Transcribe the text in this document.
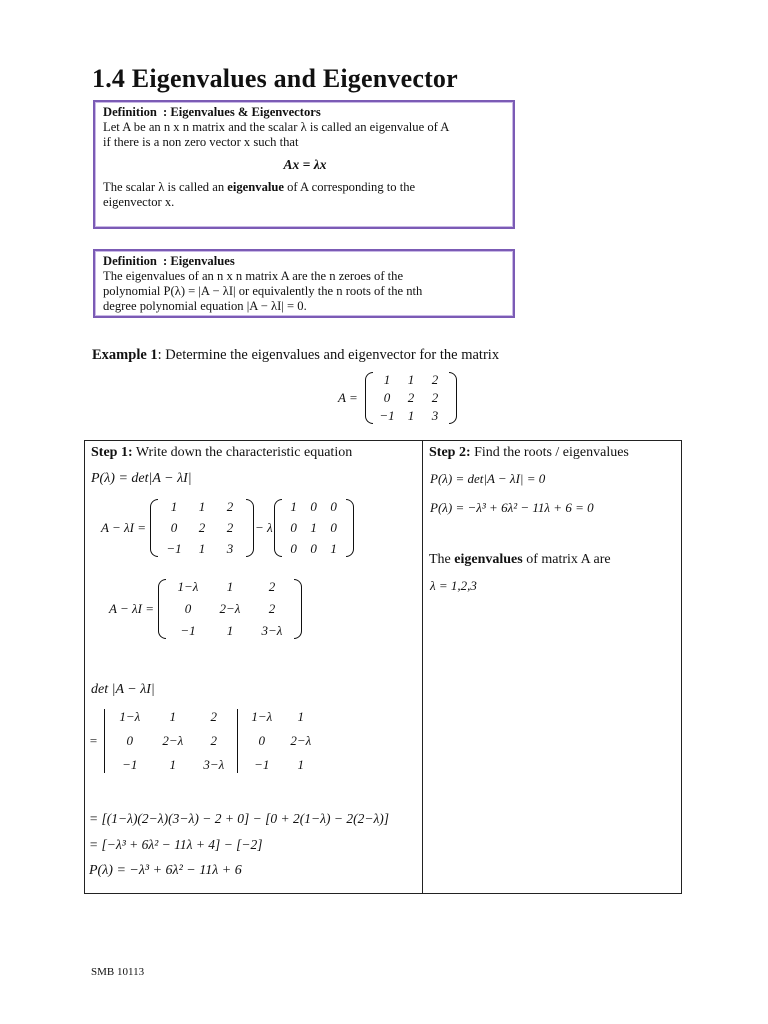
1.4 Eigenvalues and Eigenvector
Definition : Eigenvalues & Eigenvectors
Let A be an n x n matrix and the scalar λ is called an eigenvalue of A
if there is a non zero vector x such that
Ax = λx
The scalar λ is called an eigenvalue of A corresponding to the
eigenvector x.
Definition : Eigenvalues
The eigenvalues of an n x n matrix A are the n zeroes of the
polynomial P(λ) = |A − λI| or equivalently the n roots of the nth
degree polynomial equation |A − λI| = 0.
Example 1: Determine the eigenvalues and eigenvector for the matrix
A =
1	1	2
0	2	2
−1	1	3
Step 1: Write down the characteristic equation
P(λ) = det|A − λI|
A − λI =
1	1	2
0	2	2
−1	1	3
− λ
1	0	0
0	1	0
0	0	1
A − λI =
1−λ	1	2
0	2−λ	2
−1	1	3−λ
det |A − λI|
=
1−λ	1	2
0	2−λ	2
−1	1	3−λ
1−λ	1
0	2−λ
−1	1
= [(1−λ)(2−λ)(3−λ) − 2 + 0] − [0 + 2(1−λ) − 2(2−λ)]
= [−λ³ + 6λ² − 11λ + 4] − [−2]
P(λ) = −λ³ + 6λ² − 11λ + 6
Step 2: Find the roots / eigenvalues
P(λ) = det|A − λI| = 0
P(λ) = −λ³ + 6λ² − 11λ + 6 = 0
The eigenvalues of matrix A are
λ = 1,2,3
SMB 10113
